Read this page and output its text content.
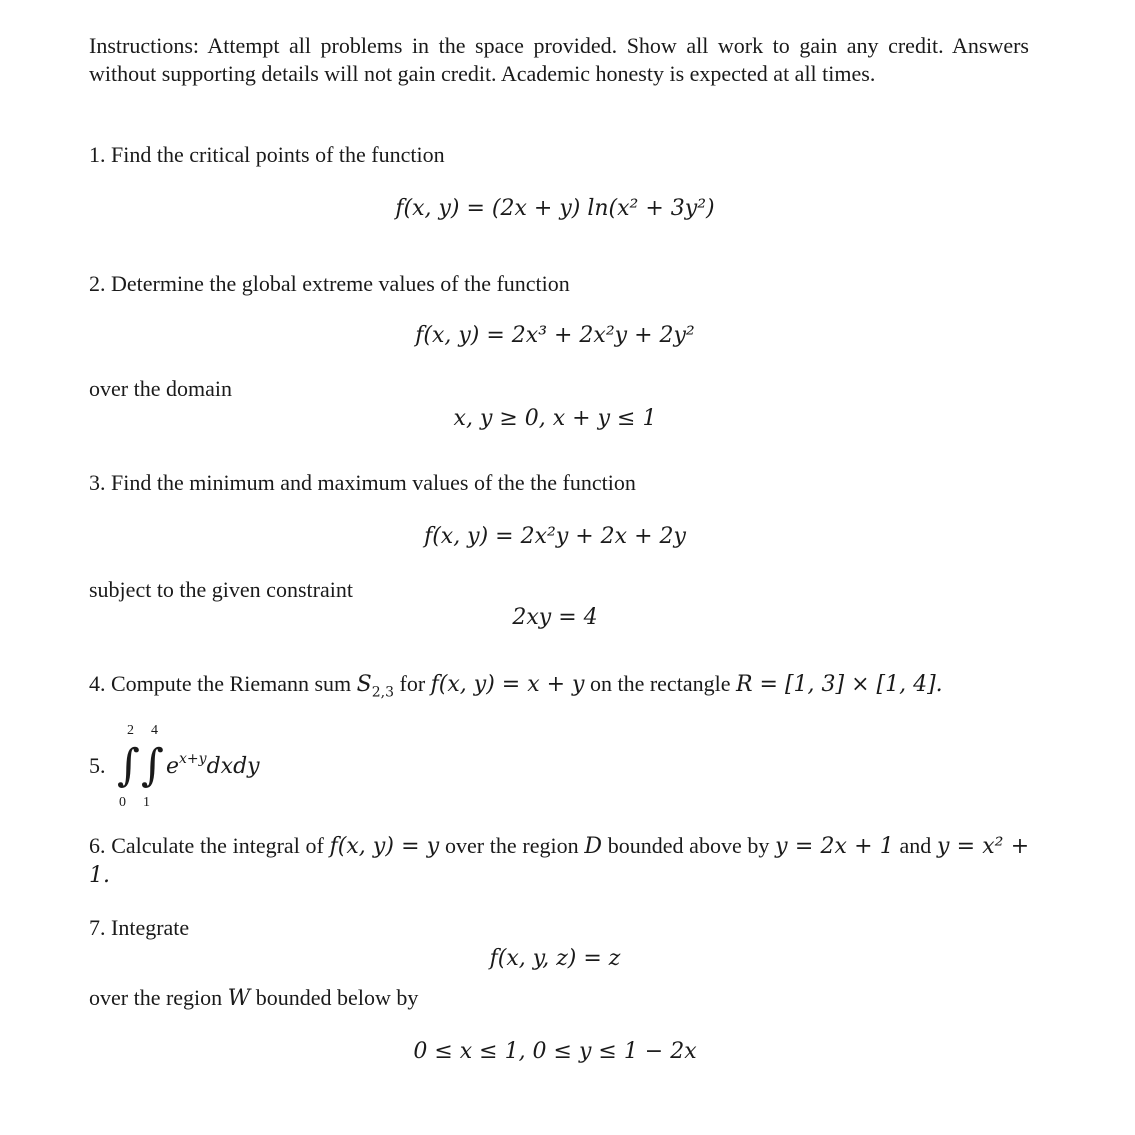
Instructions: Attempt all problems in the space provided. Show all work to gain any credit. Answers without supporting details will not gain credit. Academic honesty is expected at all times.
1. Find the critical points of the function
f(x, y) = (2x + y) ln(x² + 3y²)
2. Determine the global extreme values of the function
f(x, y) = 2x³ + 2x²y + 2y²
over the domain
x, y ≥ 0, x + y ≤ 1
3. Find the minimum and maximum values of the the function
f(x, y) = 2x²y + 2x + 2y
subject to the given constraint
2xy = 4
4. Compute the Riemann sum $S_{2,3}$ for f(x, y) = x + y on the rectangle R = [1, 3] × [1, 4].
5.
2 4
∫ ∫
0 1
$e^{x+y}dxdy$
6. Calculate the integral of f(x, y) = y over the region D bounded above by y = 2x + 1 and y = x² + 1.
7. Integrate
f(x, y, z) = z
over the region W bounded below by
0 ≤ x ≤ 1, 0 ≤ y ≤ 1 − 2x
